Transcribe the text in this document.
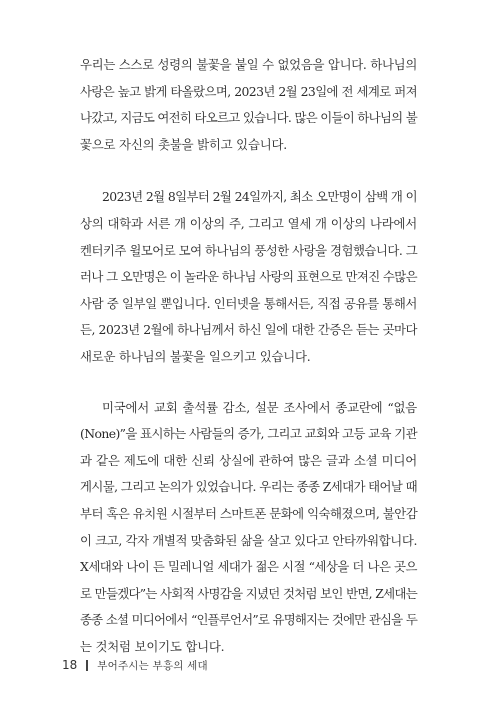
우리는 스스로 성령의 불꽃을 붙일 수 없었음을 압니다. 하나님의
사랑은 높고 밝게 타올랐으며, 2023년 2월 23일에 전 세계로 퍼져
나갔고, 지금도 여전히 타오르고 있습니다. 많은 이들이 하나님의 불
꽃으로 자신의 촛불을 밝히고 있습니다.
2023년 2월 8일부터 2월 24일까지, 최소 오만명이 삼백 개 이
상의 대학과 서른 개 이상의 주, 그리고 열세 개 이상의 나라에서
켄터키주 윌모어로 모여 하나님의 풍성한 사랑을 경험했습니다. 그
러나 그 오만명은 이 놀라운 하나님 사랑의 표현으로 만져진 수많은
사람 중 일부일 뿐입니다. 인터넷을 통해서든, 직접 공유를 통해서
든, 2023년 2월에 하나님께서 하신 일에 대한 간증은 듣는 곳마다
새로운 하나님의 불꽃을 일으키고 있습니다.
미국에서 교회 출석률 감소, 설문 조사에서 종교란에 “없음
(None)”을 표시하는 사람들의 증가, 그리고 교회와 고등 교육 기관
과 같은 제도에 대한 신뢰 상실에 관하여 많은 글과 소셜 미디어
게시물, 그리고 논의가 있었습니다. 우리는 종종 Z세대가 태어날 때
부터 혹은 유치원 시절부터 스마트폰 문화에 익숙해졌으며, 불안감
이 크고, 각자 개별적 맞춤화된 삶을 살고 있다고 안타까워합니다.
X세대와 나이 든 밀레니얼 세대가 젊은 시절 “세상을 더 나은 곳으
로 만들겠다”는 사회적 사명감을 지녔던 것처럼 보인 반면, Z세대는
종종 소셜 미디어에서 “인플루언서”로 유명해지는 것에만 관심을 두
는 것처럼 보이기도 합니다.
18 부어주시는 부흥의 세대
